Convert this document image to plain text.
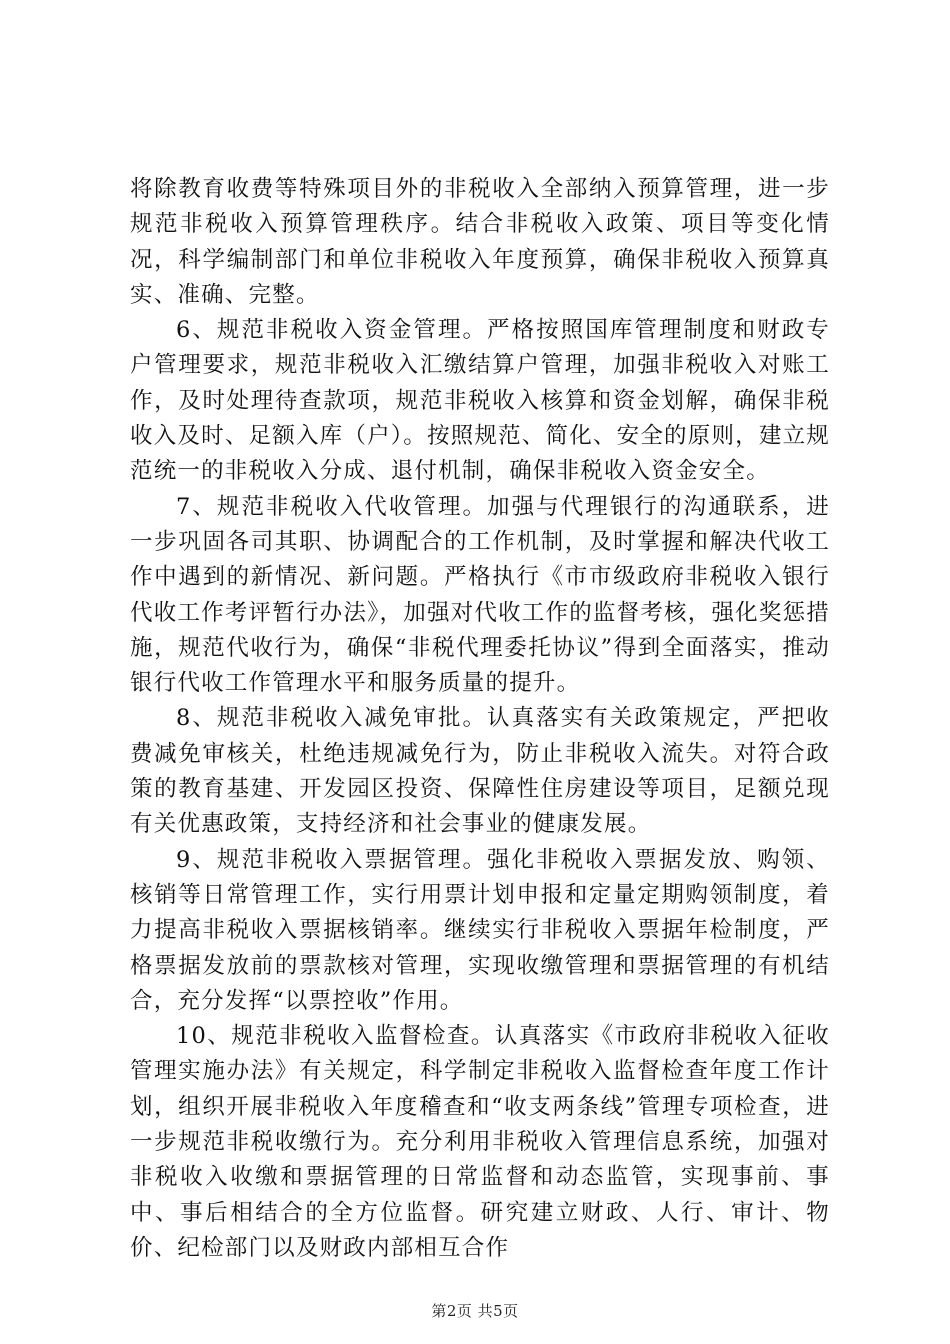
将除教育收费等特殊项目外的非税收入全部纳入预算管理，进一步规范非税收入预算管理秩序。结合非税收入政策、项目等变化情况，科学编制部门和单位非税收入年度预算，确保非税收入预算真实、准确、完整。

6、规范非税收入资金管理。严格按照国库管理制度和财政专户管理要求，规范非税收入汇缴结算户管理，加强非税收入对账工作，及时处理待查款项，规范非税收入核算和资金划解，确保非税收入及时、足额入库（户）。按照规范、简化、安全的原则，建立规范统一的非税收入分成、退付机制，确保非税收入资金安全。

7、规范非税收入代收管理。加强与代理银行的沟通联系，进一步巩固各司其职、协调配合的工作机制，及时掌握和解决代收工作中遇到的新情况、新问题。严格执行《市市级政府非税收入银行代收工作考评暂行办法》，加强对代收工作的监督考核，强化奖惩措施，规范代收行为，确保“非税代理委托协议”得到全面落实，推动银行代收工作管理水平和服务质量的提升。

8、规范非税收入减免审批。认真落实有关政策规定，严把收费减免审核关，杜绝违规减免行为，防止非税收入流失。对符合政策的教育基建、开发园区投资、保障性住房建设等项目，足额兑现有关优惠政策，支持经济和社会事业的健康发展。

9、规范非税收入票据管理。强化非税收入票据发放、购领、核销等日常管理工作，实行用票计划申报和定量定期购领制度，着力提高非税收入票据核销率。继续实行非税收入票据年检制度，严格票据发放前的票款核对管理，实现收缴管理和票据管理的有机结合，充分发挥“以票控收”作用。

10、规范非税收入监督检查。认真落实《市政府非税收入征收管理实施办法》有关规定，科学制定非税收入监督检查年度工作计划，组织开展非税收入年度稽查和“收支两条线”管理专项检查，进一步规范非税收缴行为。充分利用非税收入管理信息系统，加强对非税收入收缴和票据管理的日常监督和动态监管，实现事前、事中、事后相结合的全方位监督。研究建立财政、人行、审计、物价、纪检部门以及财政内部相互合作

第2页 共5页
